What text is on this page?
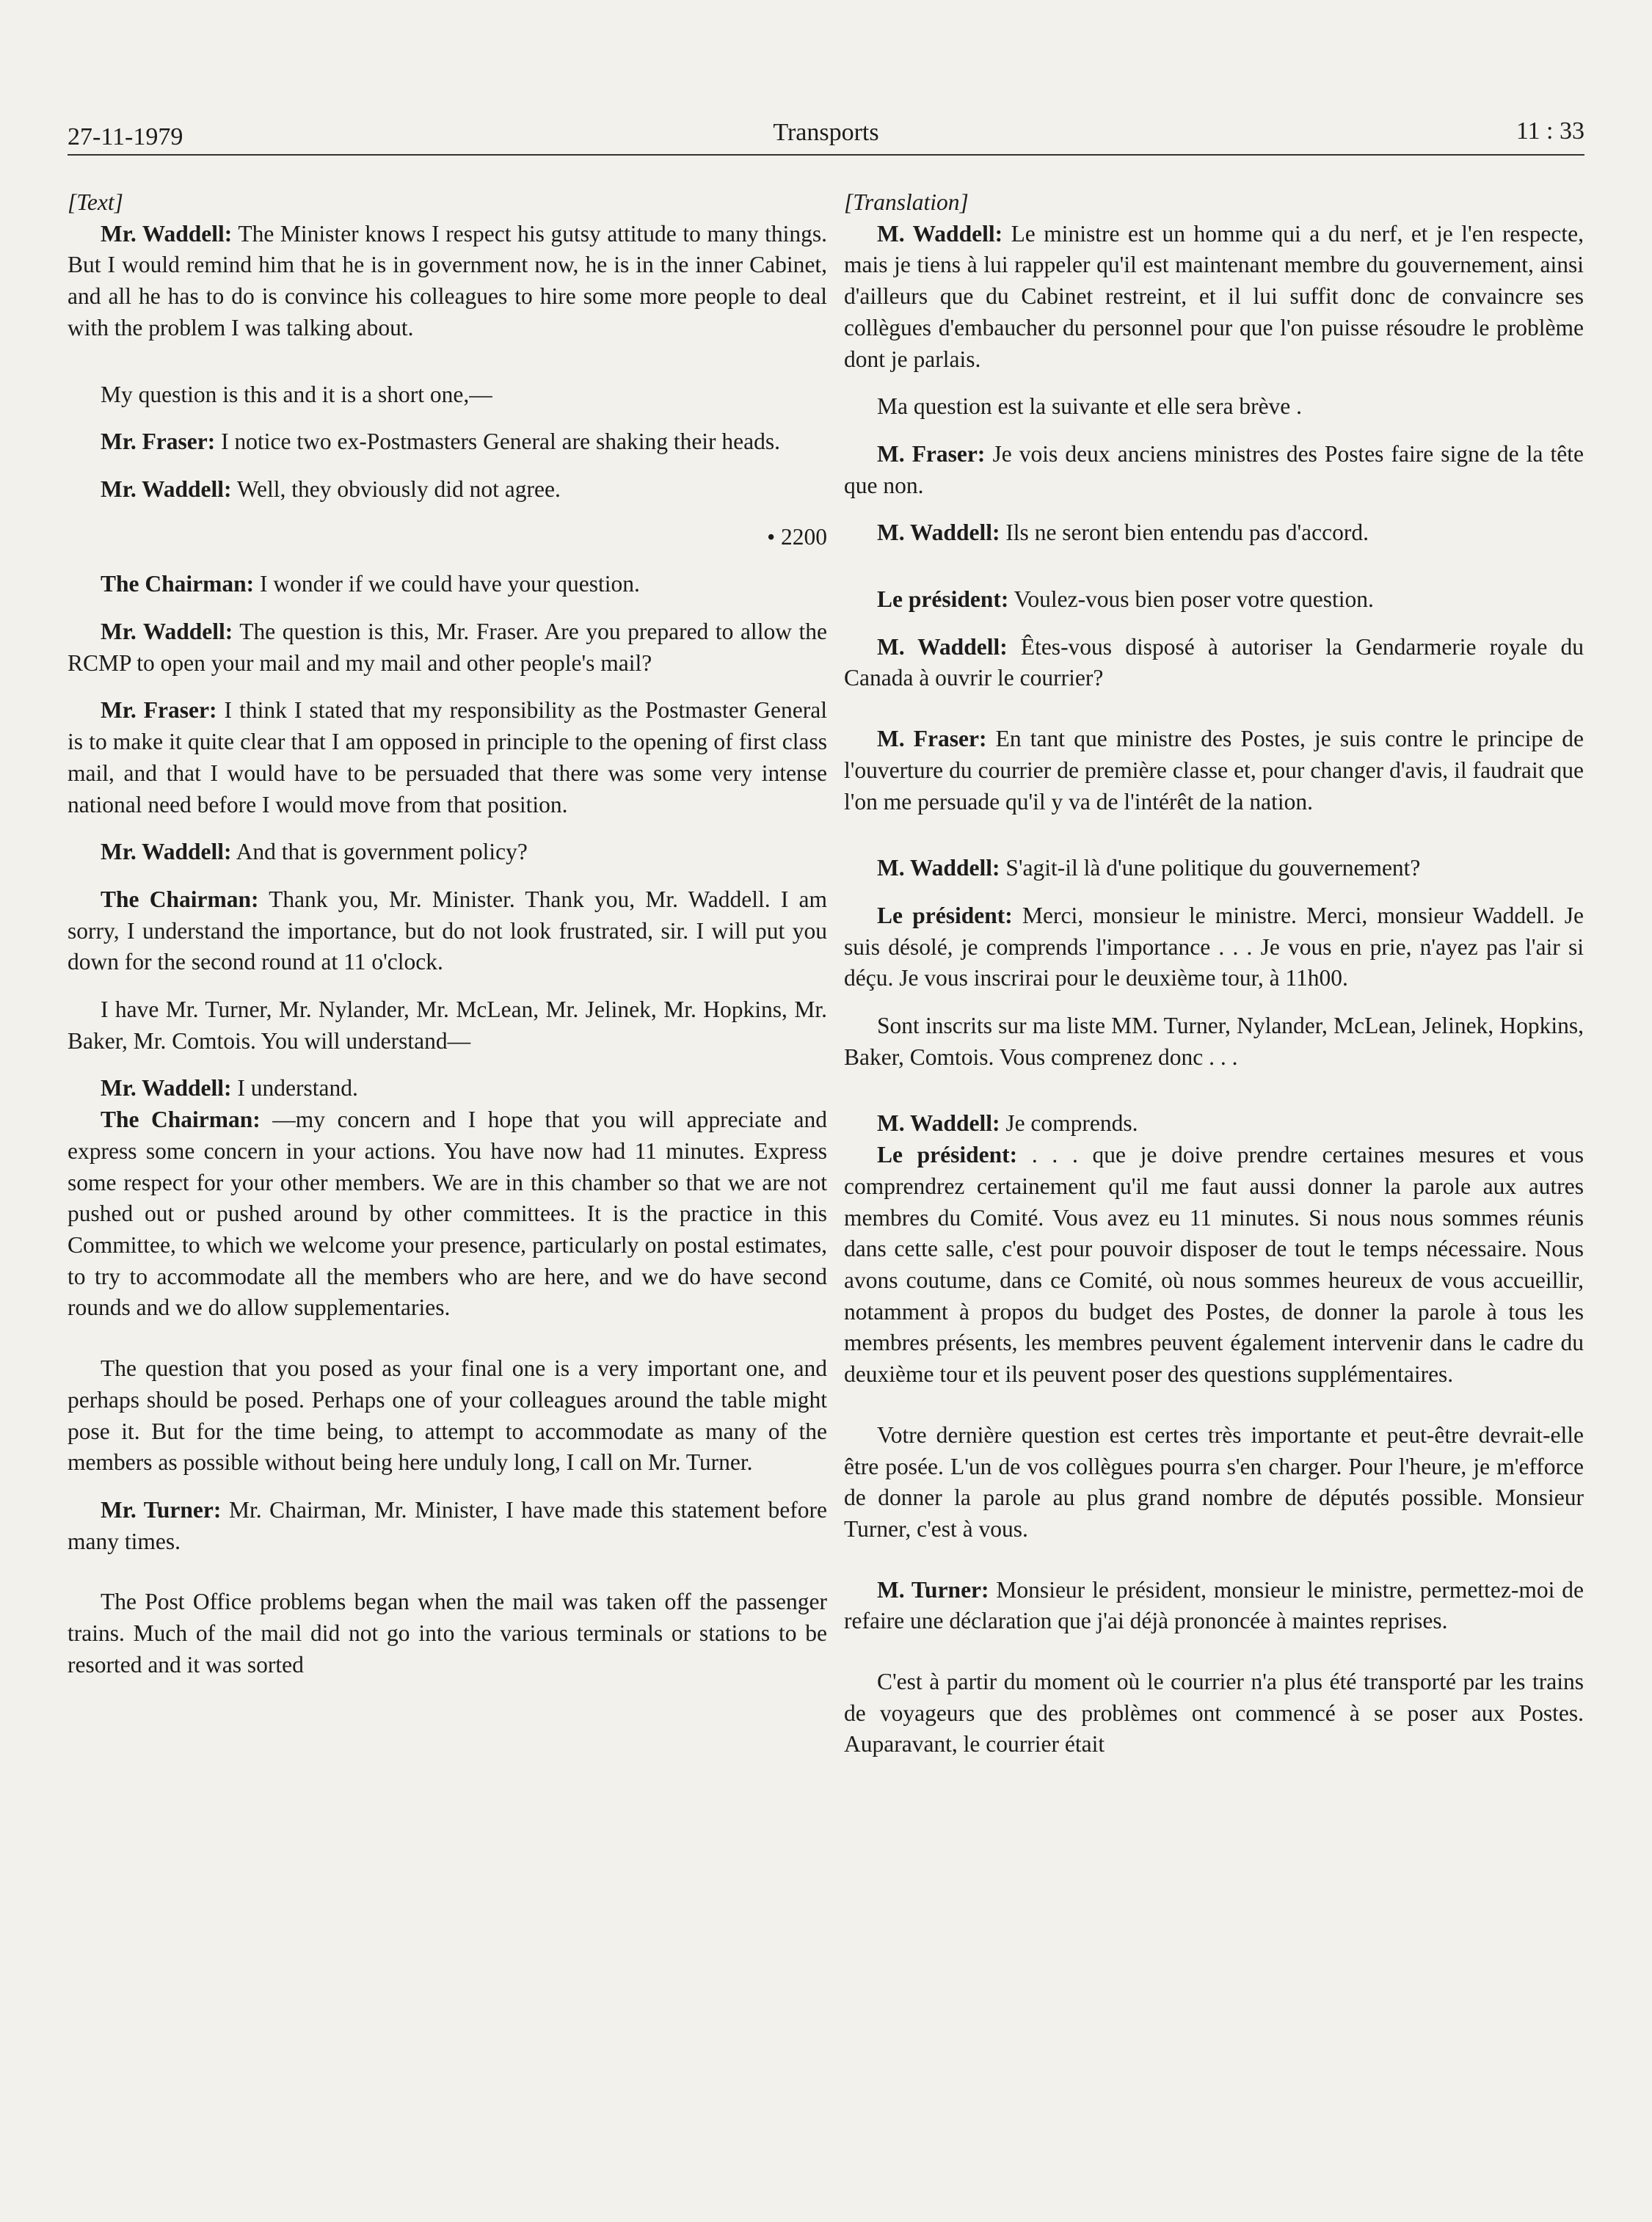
27-11-1979	Transports	11 : 33

[Text]

Mr. Waddell: The Minister knows I respect his gutsy attitude to many things. But I would remind him that he is in government now, he is in the inner Cabinet, and all he has to do is convince his colleagues to hire some more people to deal with the problem I was talking about.

My question is this and it is a short one,—

Mr. Fraser: I notice two ex-Postmasters General are shaking their heads.

Mr. Waddell: Well, they obviously did not agree.

• 2200

The Chairman: I wonder if we could have your question.

Mr. Waddell: The question is this, Mr. Fraser. Are you prepared to allow the RCMP to open your mail and my mail and other people's mail?

Mr. Fraser: I think I stated that my responsibility as the Postmaster General is to make it quite clear that I am opposed in principle to the opening of first class mail, and that I would have to be persuaded that there was some very intense national need before I would move from that position.

Mr. Waddell: And that is government policy?

The Chairman: Thank you, Mr. Minister. Thank you, Mr. Waddell. I am sorry, I understand the importance, but do not look frustrated, sir. I will put you down for the second round at 11 o'clock.

I have Mr. Turner, Mr. Nylander, Mr. McLean, Mr. Jelinek, Mr. Hopkins, Mr. Baker, Mr. Comtois. You will understand—

Mr. Waddell: I understand.

The Chairman: —my concern and I hope that you will appreciate and express some concern in your actions. You have now had 11 minutes. Express some respect for your other members. We are in this chamber so that we are not pushed out or pushed around by other committees. It is the practice in this Committee, to which we welcome your presence, particularly on postal estimates, to try to accommodate all the members who are here, and we do have second rounds and we do allow supplementaries.

The question that you posed as your final one is a very important one, and perhaps should be posed. Perhaps one of your colleagues around the table might pose it. But for the time being, to attempt to accommodate as many of the members as possible without being here unduly long, I call on Mr. Turner.

Mr. Turner: Mr. Chairman, Mr. Minister, I have made this statement before many times.

The Post Office problems began when the mail was taken off the passenger trains. Much of the mail did not go into the various terminals or stations to be resorted and it was sorted

[Translation]

M. Waddell: Le ministre est un homme qui a du nerf, et je l'en respecte, mais je tiens à lui rappeler qu'il est maintenant membre du gouvernement, ainsi d'ailleurs que du Cabinet restreint, et il lui suffit donc de convaincre ses collègues d'embaucher du personnel pour que l'on puisse résoudre le problème dont je parlais.

Ma question est la suivante et elle sera brève .

M. Fraser: Je vois deux anciens ministres des Postes faire signe de la tête que non.

M. Waddell: Ils ne seront bien entendu pas d'accord.

Le président: Voulez-vous bien poser votre question.

M. Waddell: Êtes-vous disposé à autoriser la Gendarmerie royale du Canada à ouvrir le courrier?

M. Fraser: En tant que ministre des Postes, je suis contre le principe de l'ouverture du courrier de première classe et, pour changer d'avis, il faudrait que l'on me persuade qu'il y va de l'intérêt de la nation.

M. Waddell: S'agit-il là d'une politique du gouvernement?

Le président: Merci, monsieur le ministre. Merci, monsieur Waddell. Je suis désolé, je comprends l'importance . . . Je vous en prie, n'ayez pas l'air si déçu. Je vous inscrirai pour le deuxième tour, à 11h00.

Sont inscrits sur ma liste MM. Turner, Nylander, McLean, Jelinek, Hopkins, Baker, Comtois. Vous comprenez donc . . .

M. Waddell: Je comprends.

Le président: . . . que je doive prendre certaines mesures et vous comprendrez certainement qu'il me faut aussi donner la parole aux autres membres du Comité. Vous avez eu 11 minutes. Si nous nous sommes réunis dans cette salle, c'est pour pouvoir disposer de tout le temps nécessaire. Nous avons coutume, dans ce Comité, où nous sommes heureux de vous accueillir, notamment à propos du budget des Postes, de donner la parole à tous les membres présents, les membres peuvent également intervenir dans le cadre du deuxième tour et ils peuvent poser des questions supplémentaires.

Votre dernière question est certes très importante et peut-être devrait-elle être posée. L'un de vos collègues pourra s'en charger. Pour l'heure, je m'efforce de donner la parole au plus grand nombre de députés possible. Monsieur Turner, c'est à vous.

M. Turner: Monsieur le président, monsieur le ministre, permettez-moi de refaire une déclaration que j'ai déjà prononcée à maintes reprises.

C'est à partir du moment où le courrier n'a plus été transporté par les trains de voyageurs que des problèmes ont commencé à se poser aux Postes. Auparavant, le courrier était
